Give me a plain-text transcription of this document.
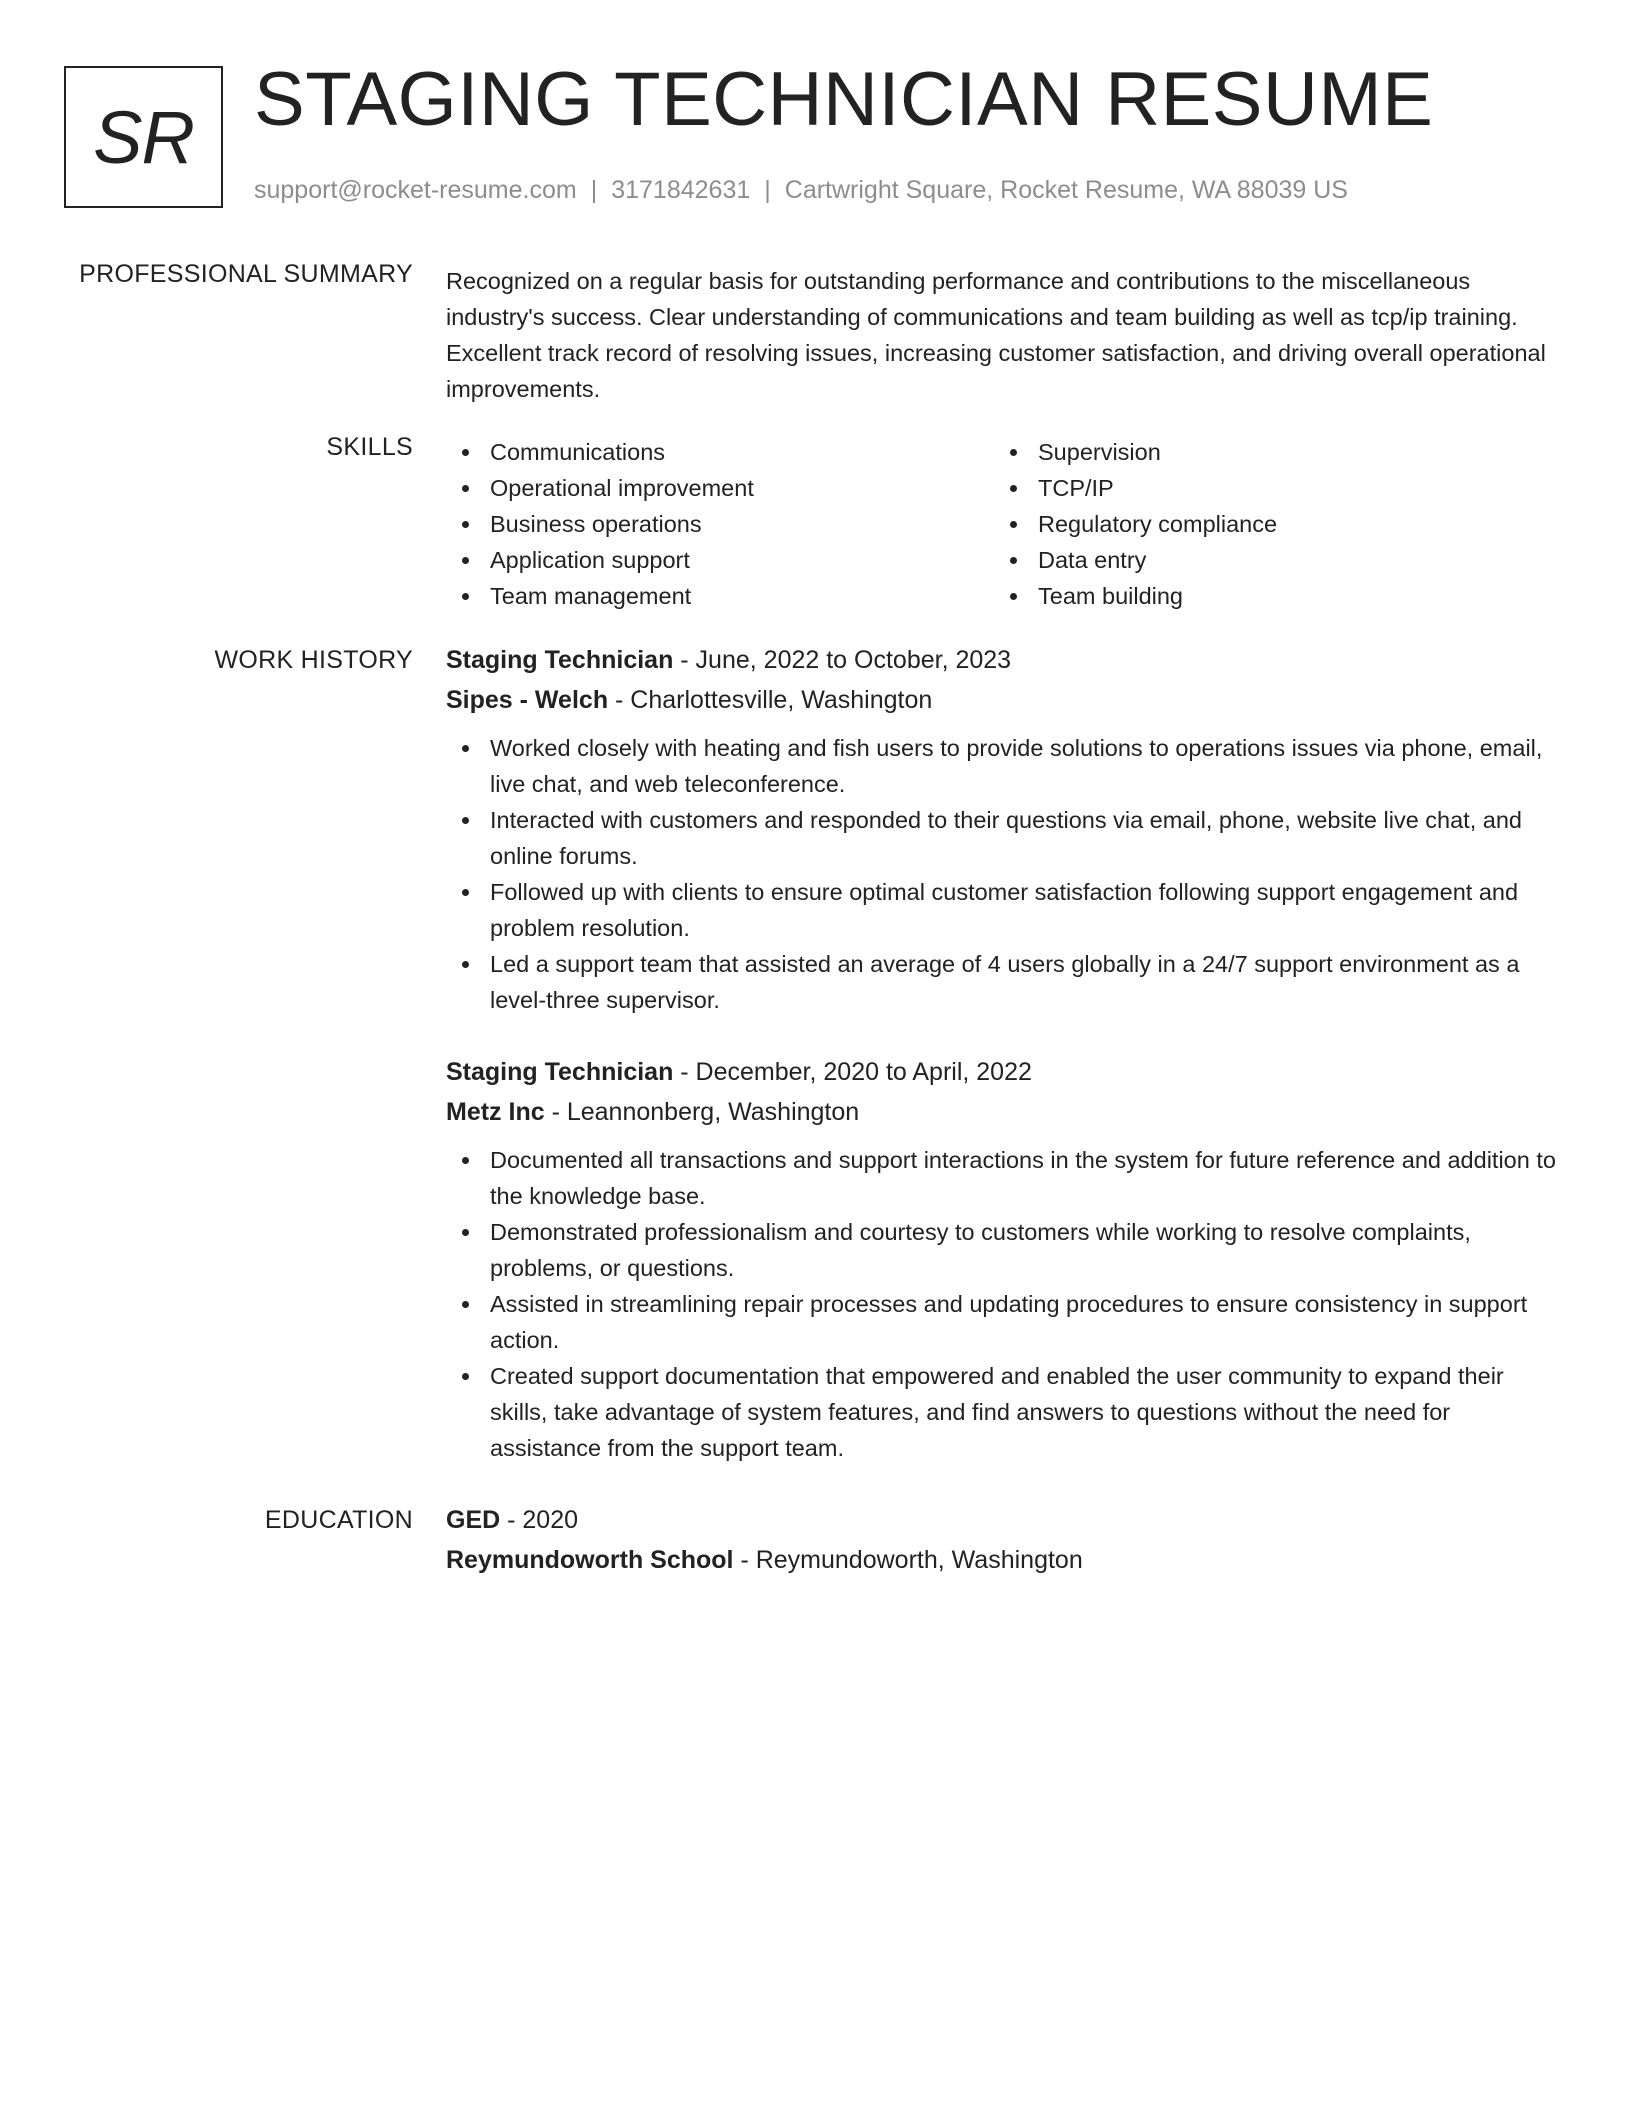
SR STAGING TECHNICIAN RESUME
support@rocket-resume.com | 3171842631 | Cartwright Square, Rocket Resume, WA 88039 US
PROFESSIONAL SUMMARY Recognized on a regular basis for outstanding performance and contributions to the miscellaneous industry's success. Clear understanding of communications and team building as well as tcp/ip training. Excellent track record of resolving issues, increasing customer satisfaction, and driving overall operational improvements.

SKILLS	Communications
Operational improvement
Business operations
Application support
Team management
Supervision
TCP/IP
Regulatory compliance
Data entry
Team building
WORK HISTORY Staging Technician - June, 2022 to October, 2023
Sipes - Welch - Charlottesville, Washington
Worked closely with heating and fish users to provide solutions to operations issues via phone, email, live chat, and web teleconference.
Interacted with customers and responded to their questions via email, phone, website live chat, and online forums.
Followed up with clients to ensure optimal customer satisfaction following support engagement and problem resolution.
Led a support team that assisted an average of 4 users globally in a 24/7 support environment as a level-three supervisor.
Staging Technician - December, 2020 to April, 2022
Metz Inc - Leannonberg, Washington
Documented all transactions and support interactions in the system for future reference and addition to the knowledge base.
Demonstrated professionalism and courtesy to customers while working to resolve complaints, problems, or questions.
Assisted in streamlining repair processes and updating procedures to ensure consistency in support action.
Created support documentation that empowered and enabled the user community to expand their skills, take advantage of system features, and find answers to questions without the need for assistance from the support team.
EDUCATION GED - 2020
Reymundoworth School - Reymundoworth, Washington
